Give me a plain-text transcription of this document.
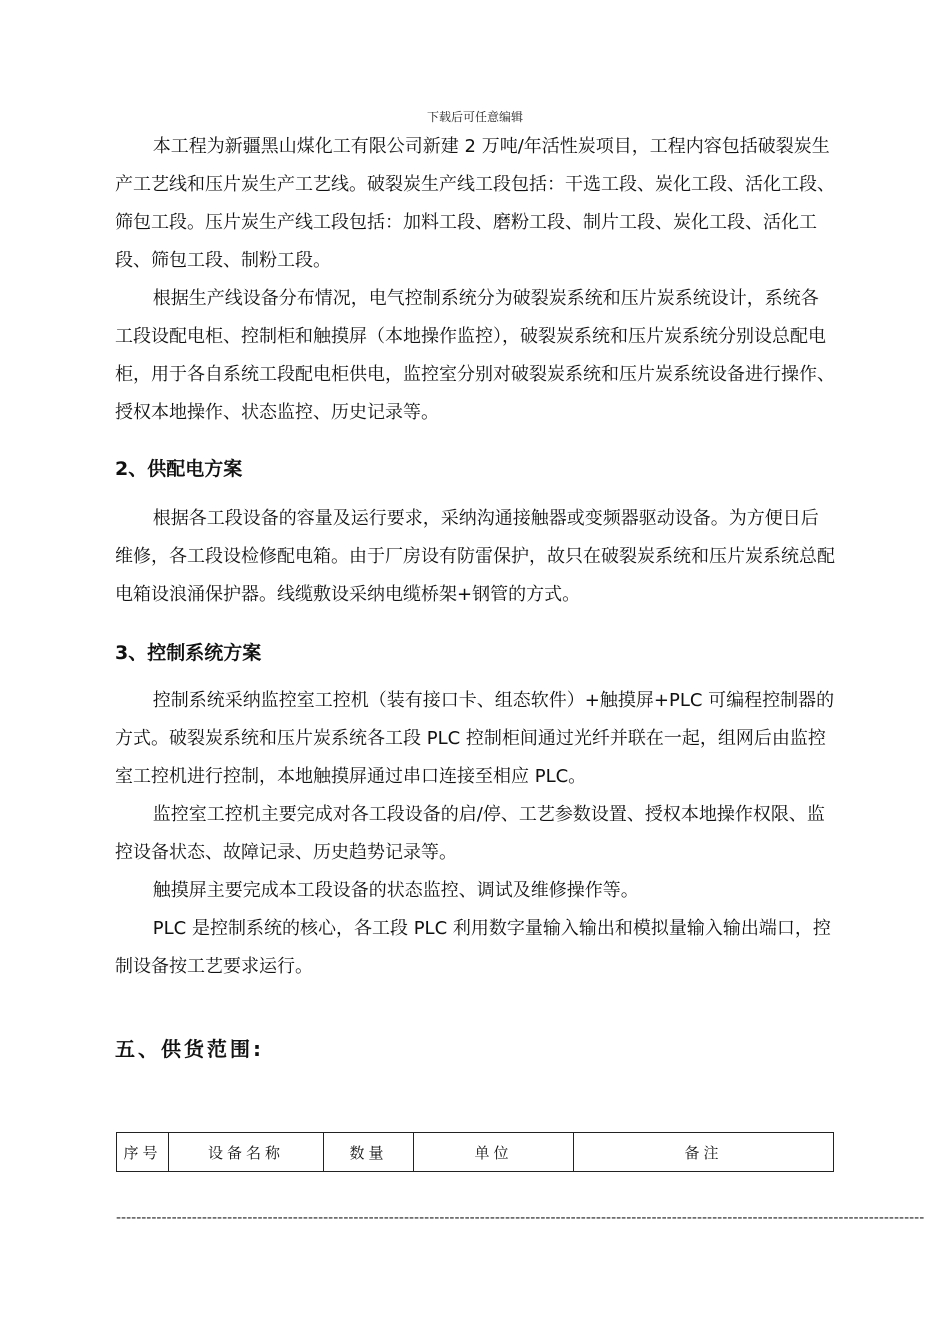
下载后可任意编辑

本工程为新疆黑山煤化工有限公司新建 2 万吨/年活性炭项目，工程内容包括破裂炭生产工艺线和压片炭生产工艺线。破裂炭生产线工段包括：干选工段、炭化工段、活化工段、筛包工段。压片炭生产线工段包括：加料工段、磨粉工段、制片工段、炭化工段、活化工段、筛包工段、制粉工段。

根据生产线设备分布情况，电气控制系统分为破裂炭系统和压片炭系统设计，系统各工段设配电柜、控制柜和触摸屏（本地操作监控），破裂炭系统和压片炭系统分别设总配电柜，用于各自系统工段配电柜供电，监控室分别对破裂炭系统和压片炭系统设备进行操作、授权本地操作、状态监控、历史记录等。

2、供配电方案

根据各工段设备的容量及运行要求，采纳沟通接触器或变频器驱动设备。为方便日后维修，各工段设检修配电箱。由于厂房设有防雷保护，故只在破裂炭系统和压片炭系统总配电箱设浪涌保护器。线缆敷设采纳电缆桥架+钢管的方式。

3、控制系统方案

控制系统采纳监控室工控机（装有接口卡、组态软件）+触摸屏+PLC 可编程控制器的方式。破裂炭系统和压片炭系统各工段 PLC 控制柜间通过光纤并联在一起，组网后由监控室工控机进行控制，本地触摸屏通过串口连接至相应 PLC。

监控室工控机主要完成对各工段设备的启/停、工艺参数设置、授权本地操作权限、监控设备状态、故障记录、历史趋势记录等。

触摸屏主要完成本工段设备的状态监控、调试及维修操作等。

PLC 是控制系统的核心，各工段 PLC 利用数字量输入输出和模拟量输入输出端口，控制设备按工艺要求运行。

五、供货范围:
序号	设备名称	数量	单位	备注
----------------------------------------------------------------------------------------------------------------------------------------------------------------
